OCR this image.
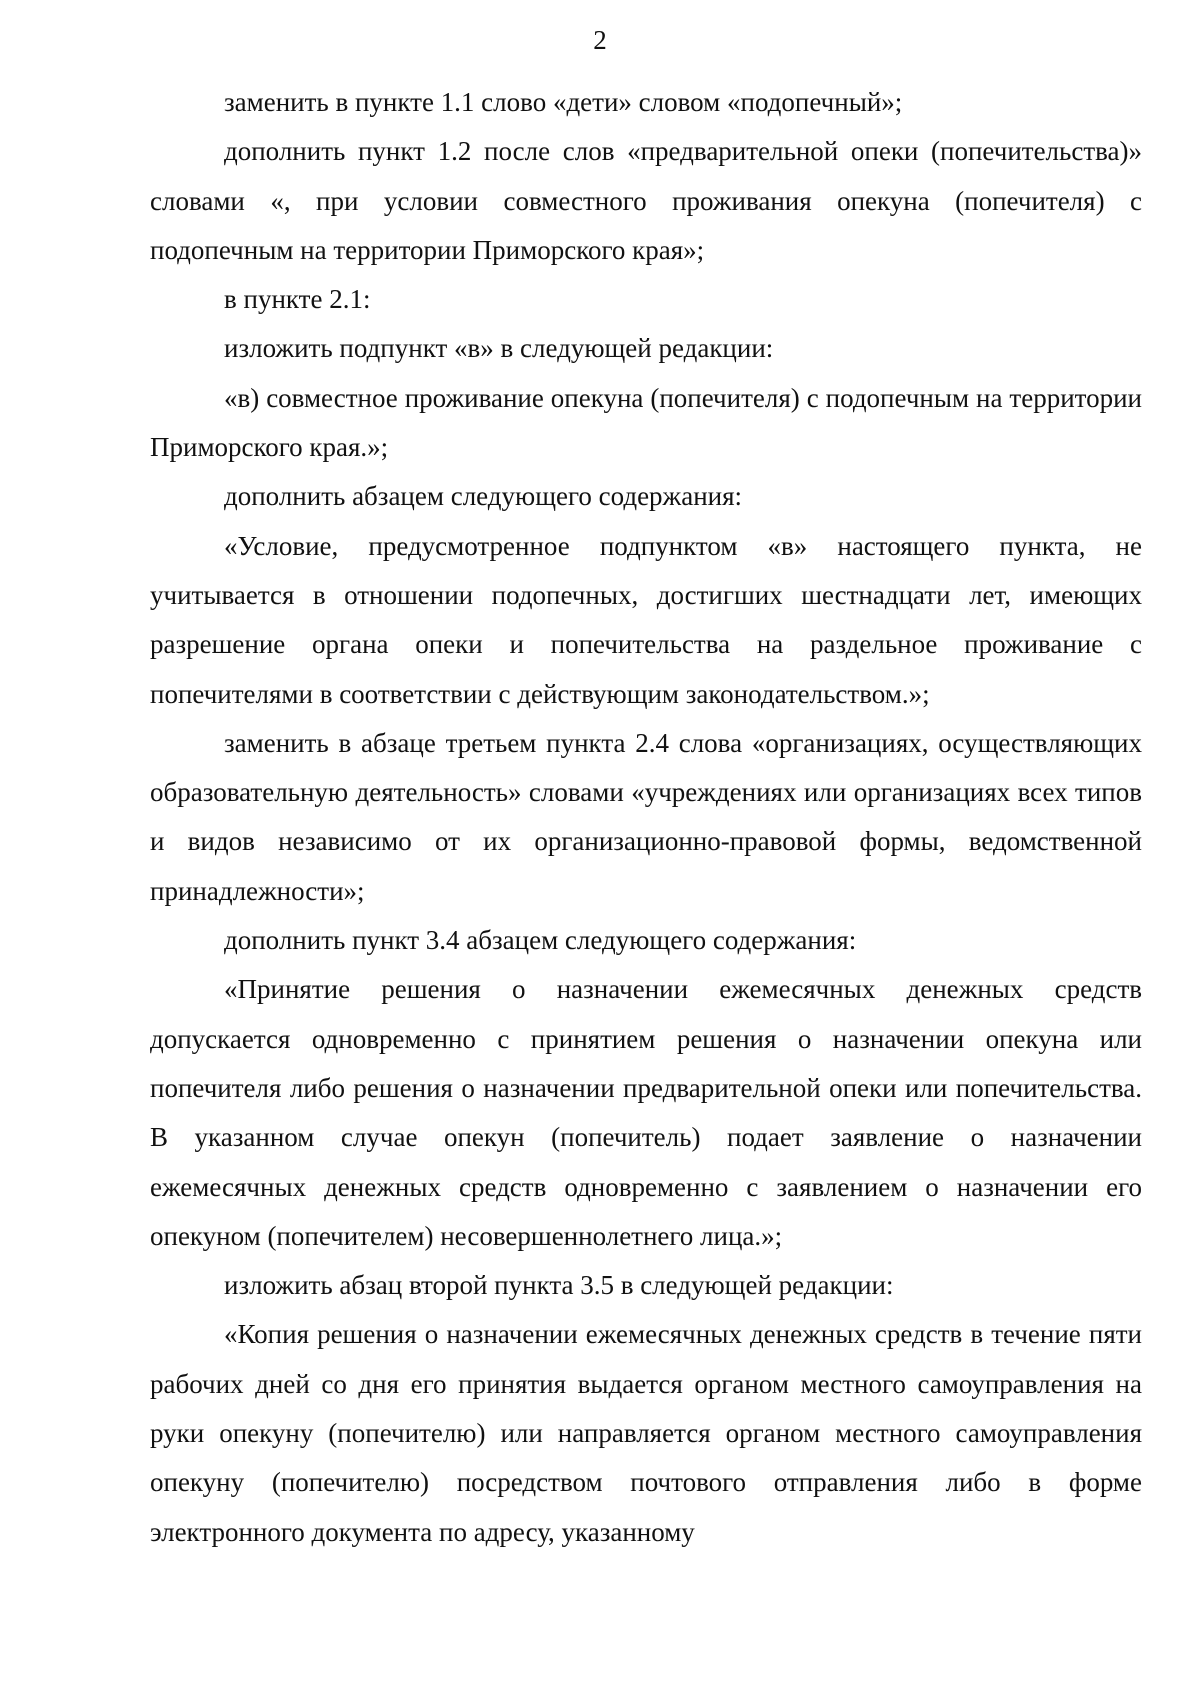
2

заменить в пункте 1.1 слово «дети» словом «подопечный»;

дополнить пункт 1.2 после слов «предварительной опеки (попечительства)» словами «, при условии совместного проживания опекуна (попечителя) с подопечным на территории Приморского края»;

в пункте 2.1:

изложить подпункт «в» в следующей редакции:

«в) совместное проживание опекуна (попечителя) с подопечным на территории Приморского края.»;

дополнить абзацем следующего содержания:

«Условие, предусмотренное подпунктом «в» настоящего пункта, не учитывается в отношении подопечных, достигших шестнадцати лет, имеющих разрешение органа опеки и попечительства на раздельное проживание с попечителями в соответствии с действующим законодательством.»;

заменить в абзаце третьем пункта 2.4 слова «организациях, осуществляющих образовательную деятельность» словами «учреждениях или организациях всех типов и видов независимо от их организационно-правовой формы, ведомственной принадлежности»;

дополнить пункт 3.4 абзацем следующего содержания:

«Принятие решения о назначении ежемесячных денежных средств допускается одновременно с принятием решения о назначении опекуна или попечителя либо решения о назначении предварительной опеки или попечительства. В указанном случае опекун (попечитель) подает заявление о назначении ежемесячных денежных средств одновременно с заявлением о назначении его опекуном (попечителем) несовершеннолетнего лица.»;

изложить абзац второй пункта 3.5 в следующей редакции:

«Копия решения о назначении ежемесячных денежных средств в течение пяти рабочих дней со дня его принятия выдается органом местного самоуправления на руки опекуну (попечителю) или направляется органом местного самоуправления опекуну (попечителю) посредством почтового отправления либо в форме электронного документа по адресу, указанному
